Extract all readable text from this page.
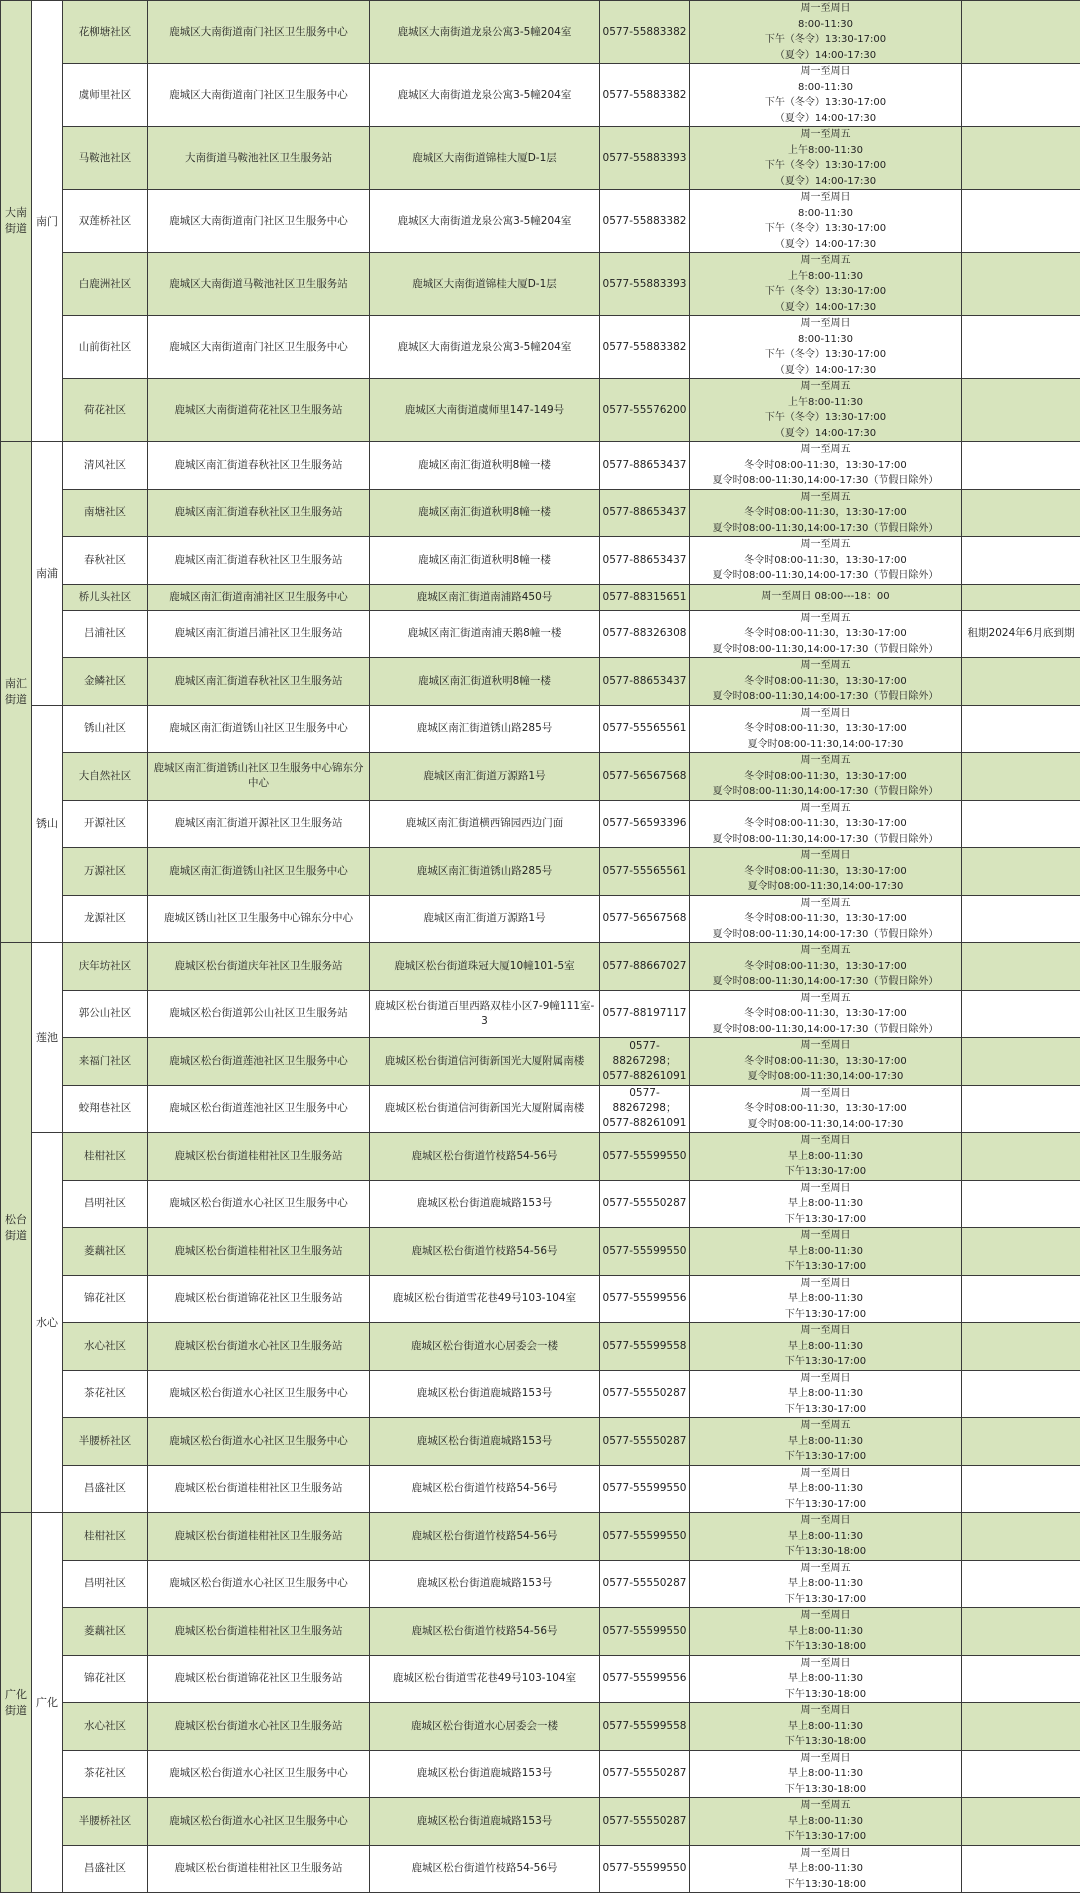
大南
街道	南门	花柳塘社区	鹿城区大南街道南门社区卫生服务中心	鹿城区大南街道龙泉公寓3-5幢204室	0577-55883382	周一至周日
8:00-11:30
下午（冬令）13:30-17:00
（夏令）14:00-17:30	
		虞师里社区	鹿城区大南街道南门社区卫生服务中心	鹿城区大南街道龙泉公寓3-5幢204室	0577-55883382	周一至周日
8:00-11:30
下午（冬令）13:30-17:00
（夏令）14:00-17:30	
		马鞍池社区	大南街道马鞍池社区卫生服务站	鹿城区大南街道锦桂大厦D-1层	0577-55883393	周一至周五
上午8:00-11:30
下午（冬令）13:30-17:00
（夏令）14:00-17:30	
		双莲桥社区	鹿城区大南街道南门社区卫生服务中心	鹿城区大南街道龙泉公寓3-5幢204室	0577-55883382	周一至周日
8:00-11:30
下午（冬令）13:30-17:00
（夏令）14:00-17:30	
		白鹿洲社区	鹿城区大南街道马鞍池社区卫生服务站	鹿城区大南街道锦桂大厦D-1层	0577-55883393	周一至周五
上午8:00-11:30
下午（冬令）13:30-17:00
（夏令）14:00-17:30	
		山前街社区	鹿城区大南街道南门社区卫生服务中心	鹿城区大南街道龙泉公寓3-5幢204室	0577-55883382	周一至周日
8:00-11:30
下午（冬令）13:30-17:00
（夏令）14:00-17:30	
		荷花社区	鹿城区大南街道荷花社区卫生服务站	鹿城区大南街道虞师里147-149号	0577-55576200	周一至周五
上午8:00-11:30
下午（冬令）13:30-17:00
（夏令）14:00-17:30	
南汇
街道	南浦	清风社区	鹿城区南汇街道春秋社区卫生服务站	鹿城区南汇街道秋明8幢一楼	0577-88653437	周一至周五
冬令时08:00-11:30，13:30-17:00
夏令时08:00-11:30,14:00-17:30（节假日除外）	
		南塘社区	鹿城区南汇街道春秋社区卫生服务站	鹿城区南汇街道秋明8幢一楼	0577-88653437	周一至周五
冬令时08:00-11:30，13:30-17:00
夏令时08:00-11:30,14:00-17:30（节假日除外）	
		春秋社区	鹿城区南汇街道春秋社区卫生服务站	鹿城区南汇街道秋明8幢一楼	0577-88653437	周一至周五
冬令时08:00-11:30，13:30-17:00
夏令时08:00-11:30,14:00-17:30（节假日除外）	
		桥儿头社区	鹿城区南汇街道南浦社区卫生服务中心	鹿城区南汇街道南浦路450号	0577-88315651	周一至周日 08:00---18：00	
		吕浦社区	鹿城区南汇街道吕浦社区卫生服务站	鹿城区南汇街道南浦天鹅8幢一楼	0577-88326308	周一至周五
冬令时08:00-11:30，13:30-17:00
夏令时08:00-11:30,14:00-17:30（节假日除外）	租期2024年6月底到期
		金鳞社区	鹿城区南汇街道春秋社区卫生服务站	鹿城区南汇街道秋明8幢一楼	0577-88653437	周一至周五
冬令时08:00-11:30，13:30-17:00
夏令时08:00-11:30,14:00-17:30（节假日除外）	
	锈山	锈山社区	鹿城区南汇街道锈山社区卫生服务中心	鹿城区南汇街道锈山路285号	0577-55565561	周一至周日
冬令时08:00-11:30，13:30-17:00
夏令时08:00-11:30,14:00-17:30	
		大自然社区	鹿城区南汇街道锈山社区卫生服务中心锦东分中心	鹿城区南汇街道万源路1号	0577-56567568	周一至周五
冬令时08:00-11:30，13:30-17:00
夏令时08:00-11:30,14:00-17:30（节假日除外）	
		开源社区	鹿城区南汇街道开源社区卫生服务站	鹿城区南汇街道横西锦园西边门面	0577-56593396	周一至周五
冬令时08:00-11:30，13:30-17:00
夏令时08:00-11:30,14:00-17:30（节假日除外）	
		万源社区	鹿城区南汇街道锈山社区卫生服务中心	鹿城区南汇街道锈山路285号	0577-55565561	周一至周日
冬令时08:00-11:30，13:30-17:00
夏令时08:00-11:30,14:00-17:30	
		龙源社区	鹿城区锈山社区卫生服务中心锦东分中心	鹿城区南汇街道万源路1号	0577-56567568	周一至周五
冬令时08:00-11:30，13:30-17:00
夏令时08:00-11:30,14:00-17:30（节假日除外）	
松台
街道	莲池	庆年坊社区	鹿城区松台街道庆年社区卫生服务站	鹿城区松台街道珠冠大厦10幢101-5室	0577-88667027	周一至周五
冬令时08:00-11:30，13:30-17:00
夏令时08:00-11:30,14:00-17:30（节假日除外）	
		郭公山社区	鹿城区松台街道郭公山社区卫生服务站	鹿城区松台街道百里西路双桂小区7-9幢111室-3	0577-88197117	周一至周五
冬令时08:00-11:30，13:30-17:00
夏令时08:00-11:30,14:00-17:30（节假日除外）	
		来福门社区	鹿城区松台街道莲池社区卫生服务中心	鹿城区松台街道信河街新国光大厦附属南楼	0577-
88267298；
0577-88261091	周一至周日
冬令时08:00-11:30，13:30-17:00
夏令时08:00-11:30,14:00-17:30	
		蛟翔巷社区	鹿城区松台街道莲池社区卫生服务中心	鹿城区松台街道信河街新国光大厦附属南楼	0577-
88267298；
0577-88261091	周一至周日
冬令时08:00-11:30，13:30-17:00
夏令时08:00-11:30,14:00-17:30	
	水心	桂柑社区	鹿城区松台街道桂柑社区卫生服务站	鹿城区松台街道竹枝路54-56号	0577-55599550	周一至周日
早上8:00-11:30
下午13:30-17:00	
		昌明社区	鹿城区松台街道水心社区卫生服务中心	鹿城区松台街道鹿城路153号	0577-55550287	周一至周日
早上8:00-11:30
下午13:30-17:00	
		菱藕社区	鹿城区松台街道桂柑社区卫生服务站	鹿城区松台街道竹枝路54-56号	0577-55599550	周一至周日
早上8:00-11:30
下午13:30-17:00	
		锦花社区	鹿城区松台街道锦花社区卫生服务站	鹿城区松台街道雪花巷49号103-104室	0577-55599556	周一至周日
早上8:00-11:30
下午13:30-17:00	
		水心社区	鹿城区松台街道水心社区卫生服务站	鹿城区松台街道水心居委会一楼	0577-55599558	周一至周日
早上8:00-11:30
下午13:30-17:00	
		茶花社区	鹿城区松台街道水心社区卫生服务中心	鹿城区松台街道鹿城路153号	0577-55550287	周一至周日
早上8:00-11:30
下午13:30-17:00	
		半腰桥社区	鹿城区松台街道水心社区卫生服务中心	鹿城区松台街道鹿城路153号	0577-55550287	周一至周五
早上8:00-11:30
下午13:30-17:00	
		昌盛社区	鹿城区松台街道桂柑社区卫生服务站	鹿城区松台街道竹枝路54-56号	0577-55599550	周一至周日
早上8:00-11:30
下午13:30-17:00	
广化
街道	广化	桂柑社区	鹿城区松台街道桂柑社区卫生服务站	鹿城区松台街道竹枝路54-56号	0577-55599550	周一至周日
早上8:00-11:30
下午13:30-18:00	
		昌明社区	鹿城区松台街道水心社区卫生服务中心	鹿城区松台街道鹿城路153号	0577-55550287	周一至周五
早上8:00-11:30
下午13:30-17:00	
		菱藕社区	鹿城区松台街道桂柑社区卫生服务站	鹿城区松台街道竹枝路54-56号	0577-55599550	周一至周日
早上8:00-11:30
下午13:30-18:00	
		锦花社区	鹿城区松台街道锦花社区卫生服务站	鹿城区松台街道雪花巷49号103-104室	0577-55599556	周一至周日
早上8:00-11:30
下午13:30-18:00	
		水心社区	鹿城区松台街道水心社区卫生服务站	鹿城区松台街道水心居委会一楼	0577-55599558	周一至周日
早上8:00-11:30
下午13:30-18:00	
		茶花社区	鹿城区松台街道水心社区卫生服务中心	鹿城区松台街道鹿城路153号	0577-55550287	周一至周日
早上8:00-11:30
下午13:30-18:00	
		半腰桥社区	鹿城区松台街道水心社区卫生服务中心	鹿城区松台街道鹿城路153号	0577-55550287	周一至周五
早上8:00-11:30
下午13:30-17:00	
		昌盛社区	鹿城区松台街道桂柑社区卫生服务站	鹿城区松台街道竹枝路54-56号	0577-55599550	周一至周日
早上8:00-11:30
下午13:30-18:00	
